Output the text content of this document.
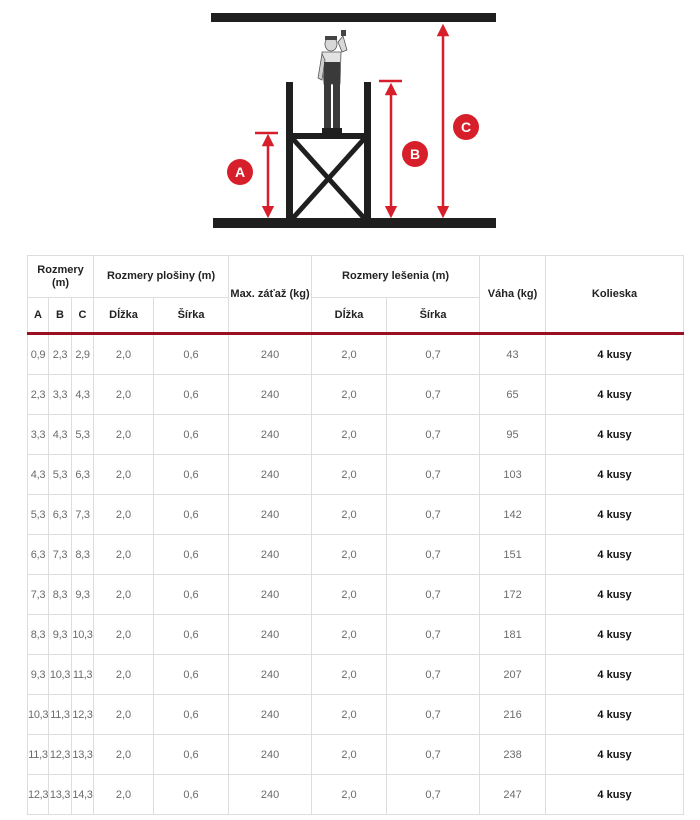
A
B
C
Rozmery (m)			Rozmery plošiny (m)		Max. záťaž (kg)	Rozmery lešenia (m)		Váha (kg)	Kolieska
A	B	C	Dĺžka	Šírka		Dĺžka	Šírka		
0,9	2,3	2,9	2,0	0,6	240	2,0	0,7	43	4 kusy
2,3	3,3	4,3	2,0	0,6	240	2,0	0,7	65	4 kusy
3,3	4,3	5,3	2,0	0,6	240	2,0	0,7	95	4 kusy
4,3	5,3	6,3	2,0	0,6	240	2,0	0,7	103	4 kusy
5,3	6,3	7,3	2,0	0,6	240	2,0	0,7	142	4 kusy
6,3	7,3	8,3	2,0	0,6	240	2,0	0,7	151	4 kusy
7,3	8,3	9,3	2,0	0,6	240	2,0	0,7	172	4 kusy
8,3	9,3	10,3	2,0	0,6	240	2,0	0,7	181	4 kusy
9,3	10,3	11,3	2,0	0,6	240	2,0	0,7	207	4 kusy
10,3	11,3	12,3	2,0	0,6	240	2,0	0,7	216	4 kusy
11,3	12,3	13,3	2,0	0,6	240	2,0	0,7	238	4 kusy
12,3	13,3	14,3	2,0	0,6	240	2,0	0,7	247	4 kusy
